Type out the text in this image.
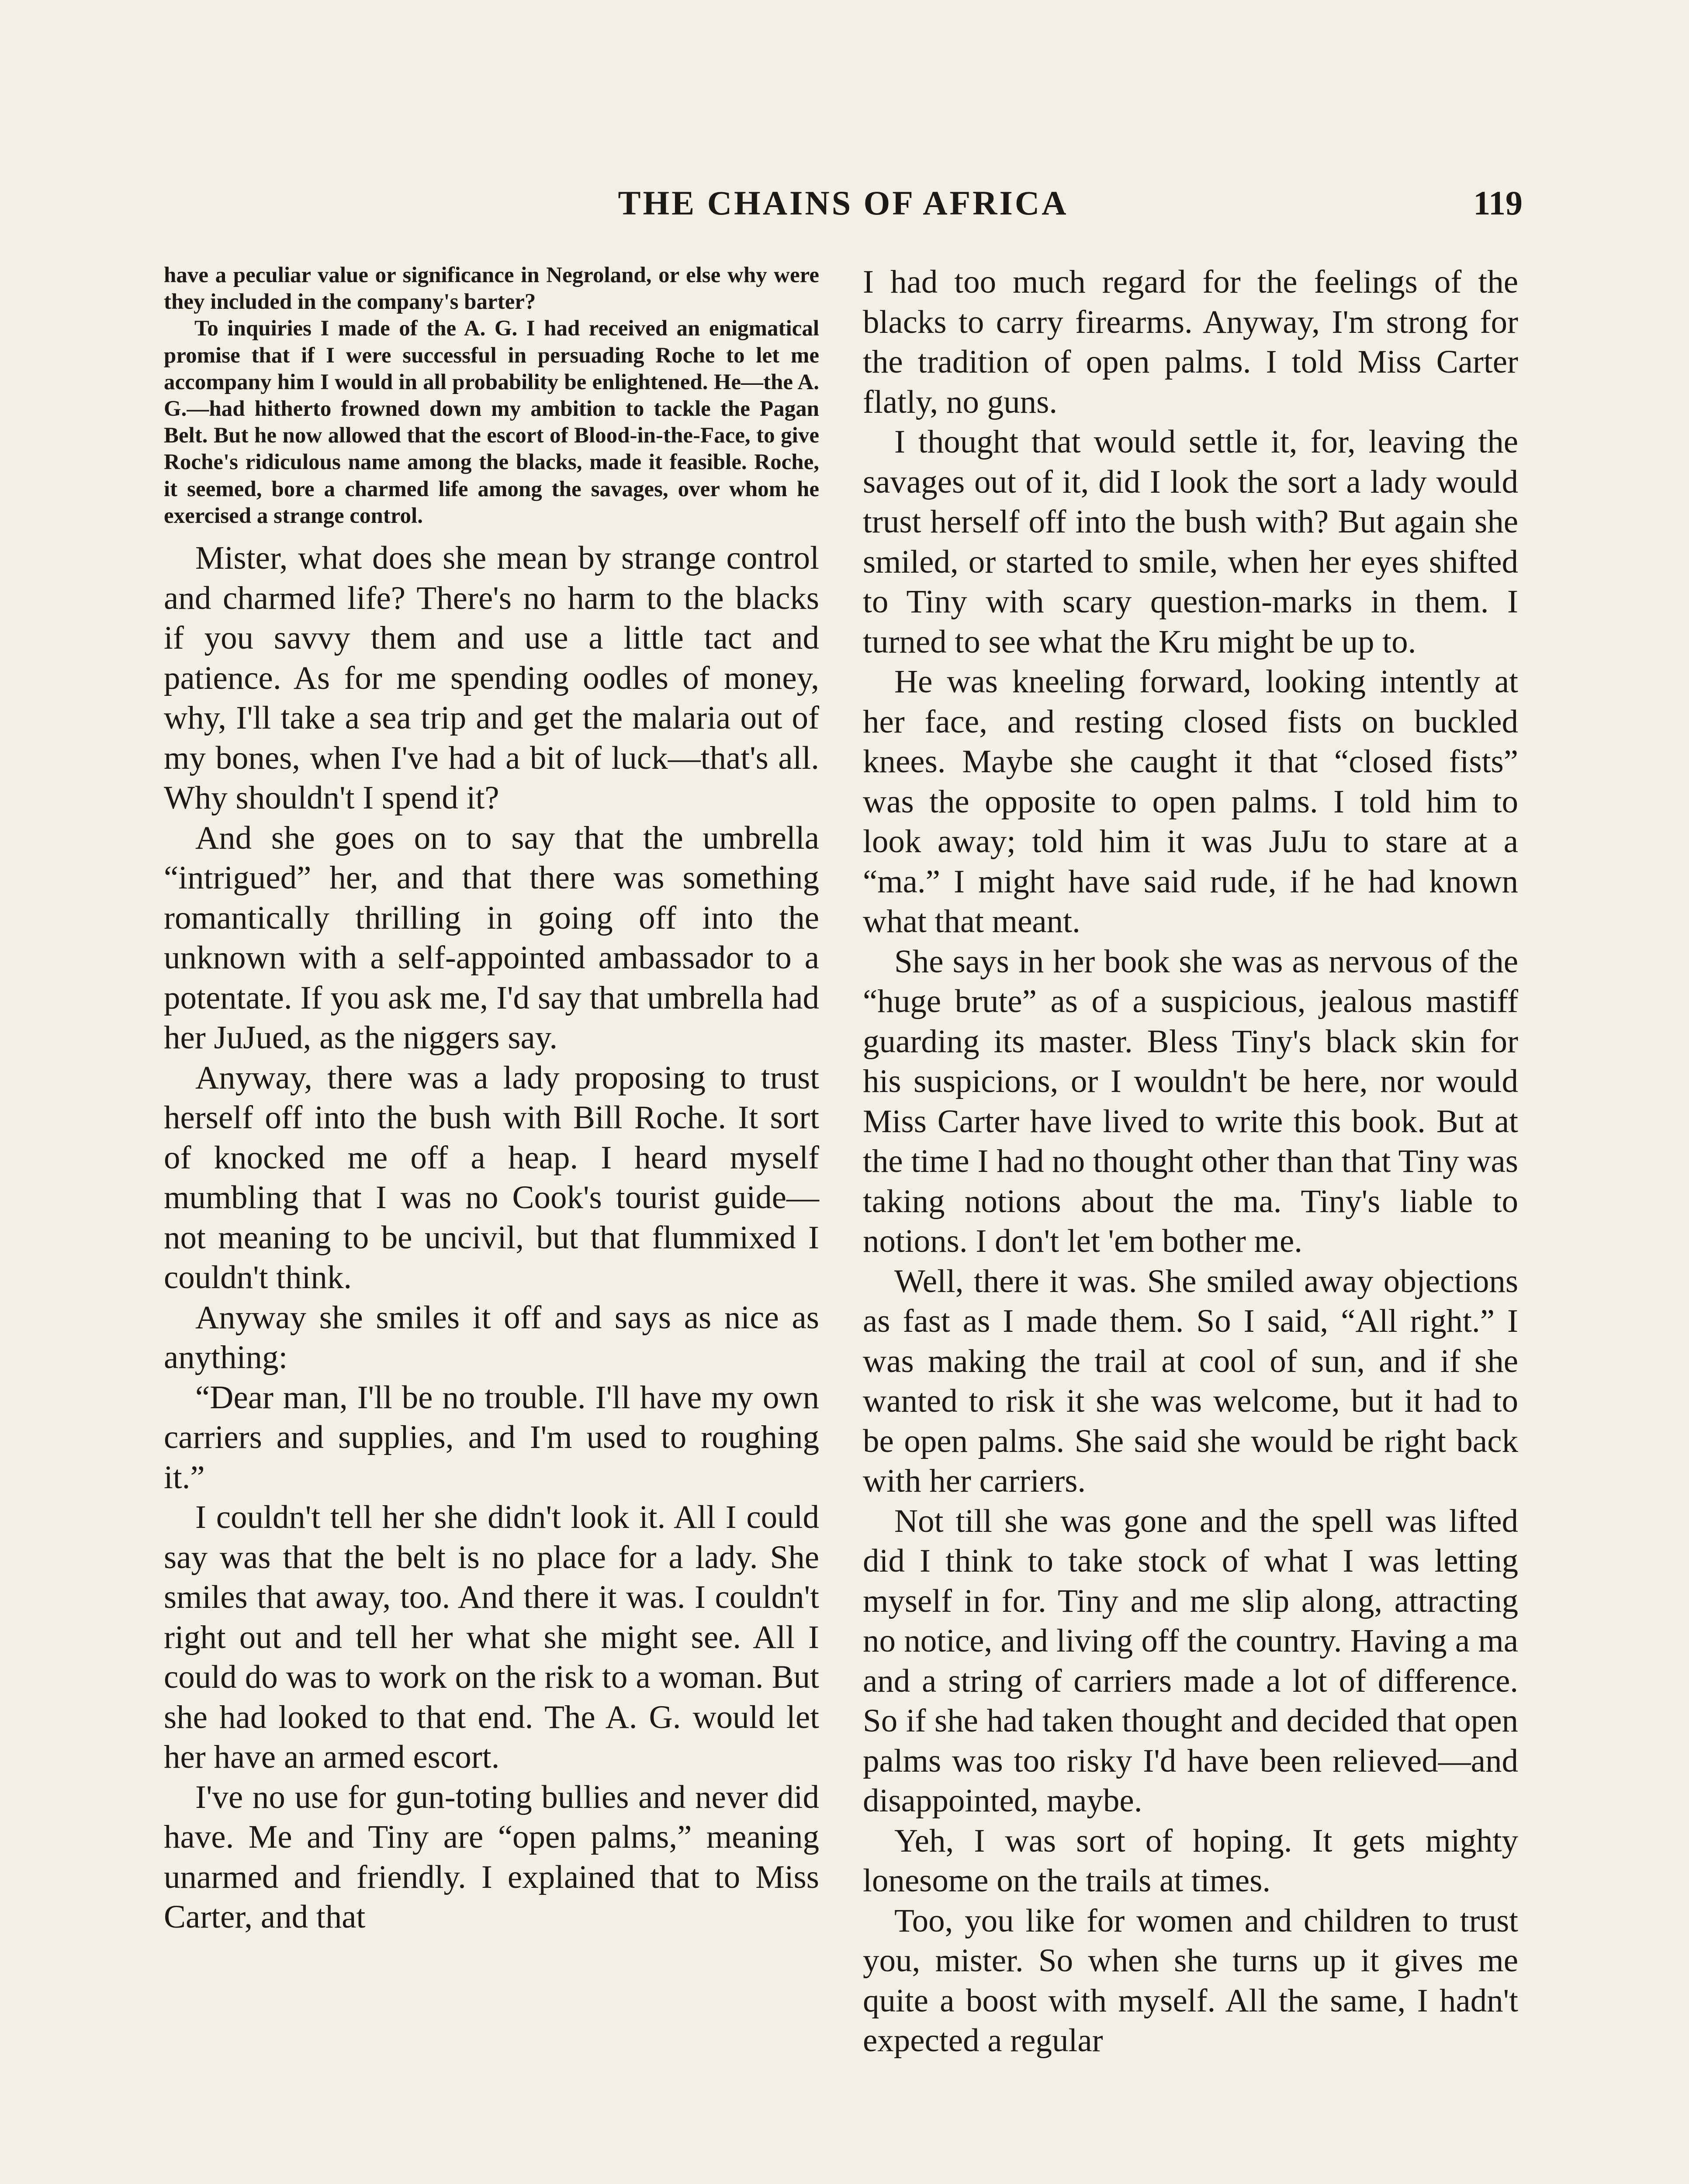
THE CHAINS OF AFRICA	119

have a peculiar value or significance in Negroland, or else why were they included in the company's barter?

To inquiries I made of the A. G. I had received an enigmatical promise that if I were successful in persuading Roche to let me accompany him I would in all probability be enlightened. He—the A. G.—had hitherto frowned down my ambition to tackle the Pagan Belt. But he now allowed that the escort of Blood-in-the-Face, to give Roche's ridiculous name among the blacks, made it feasible. Roche, it seemed, bore a charmed life among the savages, over whom he exercised a strange control.

Mister, what does she mean by strange control and charmed life? There's no harm to the blacks if you savvy them and use a little tact and patience. As for me spending oodles of money, why, I'll take a sea trip and get the malaria out of my bones, when I've had a bit of luck—that's all. Why shouldn't I spend it?

And she goes on to say that the umbrella “intrigued” her, and that there was something romantically thrilling in going off into the unknown with a self-appointed ambassador to a potentate. If you ask me, I'd say that umbrella had her JuJued, as the niggers say.

Anyway, there was a lady proposing to trust herself off into the bush with Bill Roche. It sort of knocked me off a heap. I heard myself mumbling that I was no Cook's tourist guide—not meaning to be uncivil, but that flummixed I couldn't think.

Anyway she smiles it off and says as nice as anything:

“Dear man, I'll be no trouble. I'll have my own carriers and supplies, and I'm used to roughing it.”

I couldn't tell her she didn't look it. All I could say was that the belt is no place for a lady. She smiles that away, too. And there it was. I couldn't right out and tell her what she might see. All I could do was to work on the risk to a woman. But she had looked to that end. The A. G. would let her have an armed escort.

I've no use for gun-toting bullies and never did have. Me and Tiny are “open palms,” meaning unarmed and friendly. I explained that to Miss Carter, and that

I had too much regard for the feelings of the blacks to carry firearms. Anyway, I'm strong for the tradition of open palms. I told Miss Carter flatly, no guns.

I thought that would settle it, for, leaving the savages out of it, did I look the sort a lady would trust herself off into the bush with? But again she smiled, or started to smile, when her eyes shifted to Tiny with scary question-marks in them. I turned to see what the Kru might be up to.

He was kneeling forward, looking intently at her face, and resting closed fists on buckled knees. Maybe she caught it that “closed fists” was the opposite to open palms. I told him to look away; told him it was JuJu to stare at a “ma.” I might have said rude, if he had known what that meant.

She says in her book she was as nervous of the “huge brute” as of a suspicious, jealous mastiff guarding its master. Bless Tiny's black skin for his suspicions, or I wouldn't be here, nor would Miss Carter have lived to write this book. But at the time I had no thought other than that Tiny was taking notions about the ma. Tiny's liable to notions. I don't let 'em bother me.

Well, there it was. She smiled away objections as fast as I made them. So I said, “All right.” I was making the trail at cool of sun, and if she wanted to risk it she was welcome, but it had to be open palms. She said she would be right back with her carriers.

Not till she was gone and the spell was lifted did I think to take stock of what I was letting myself in for. Tiny and me slip along, attracting no notice, and living off the country. Having a ma and a string of carriers made a lot of difference. So if she had taken thought and decided that open palms was too risky I'd have been relieved—and disappointed, maybe.

Yeh, I was sort of hoping. It gets mighty lonesome on the trails at times.

Too, you like for women and children to trust you, mister. So when she turns up it gives me quite a boost with myself. All the same, I hadn't expected a regular
